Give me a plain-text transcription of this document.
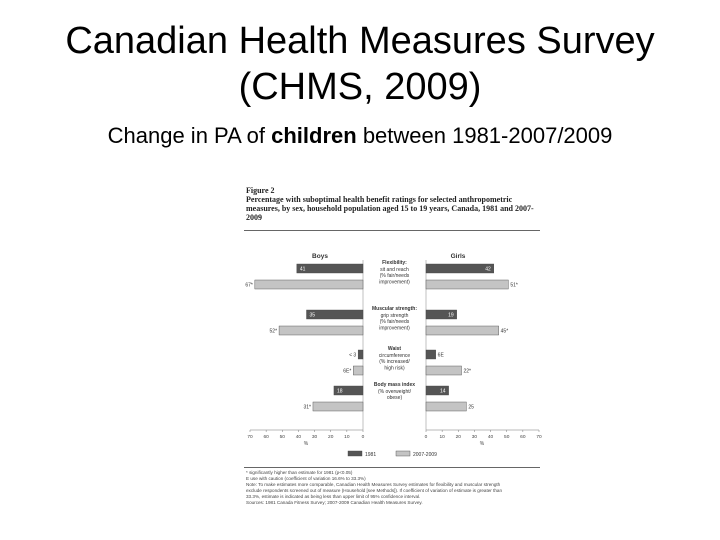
Canadian Health Measures Survey
(CHMS, 2009)
Change in PA of children between 1981-2007/2009
Figure 2
Percentage with suboptimal health benefit ratings for selected anthropometric measures, by sex, household population aged 15 to 19 years, Canada, 1981 and 2007-2009
Boys	Girls
41	42
35	19
< 3	6E
18	14
67*	51*
52*	45*
6E*	22*
31*	25
Flexibility:
sit and reach
(% fair/needs
improvement)
Muscular strength:
grip strength
(% fair/needs
improvement)
Waist
circumference
(% increased/
high risk)
Body mass index
(% overweight/
obese)
70 60 50 40 30 20 10	0	0	10 20 30 40 50 60 70
%	%
1981	2007-2009
* significantly higher than estimate for 1981 (p<0.05)
E use with caution (coefficient of variation 16.6% to 33.3%)
Note: To make estimates more comparable, Canadian Health Measures Survey estimates for flexibility and muscular strength
exclude respondents screened out of measure (Household [see Methods]). If coefficient of variation of estimate is greater than
33.3%, estimate is indicated as being less than upper limit of 95% confidence interval.
Sources: 1981 Canada Fitness Survey; 2007-2009 Canadian Health Measures Survey.
